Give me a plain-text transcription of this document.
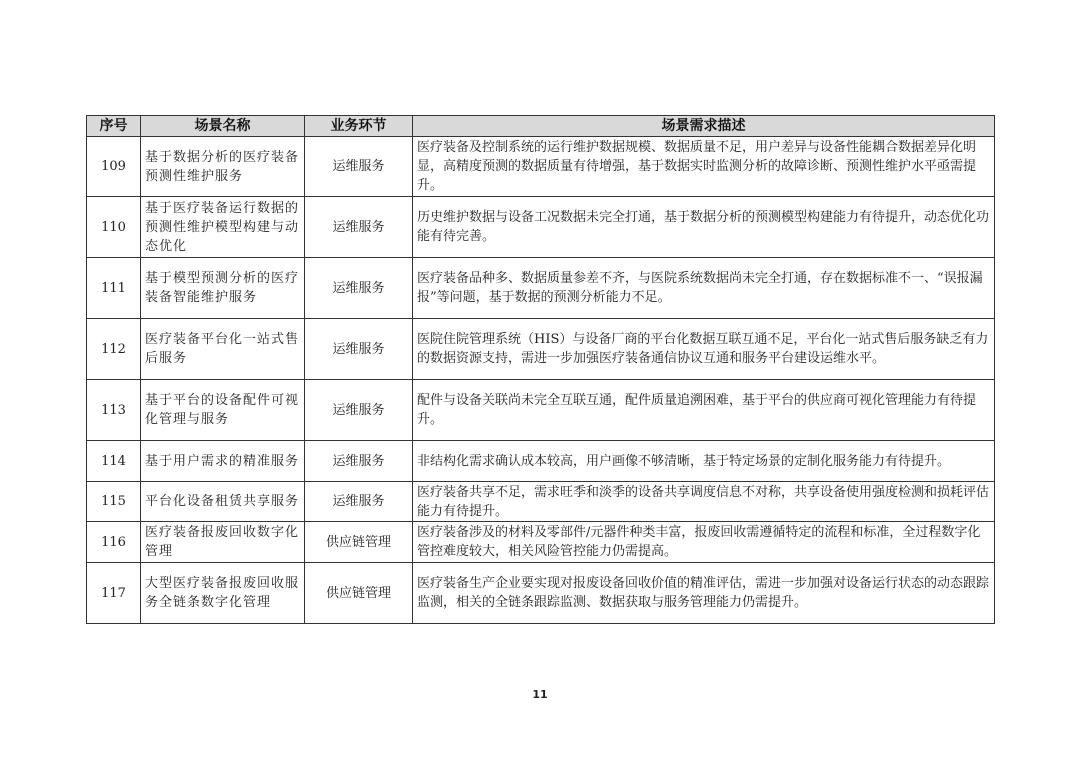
序号	场景名称	业务环节	场景需求描述
109	基于数据分析的医疗装备预测性维护服务	运维服务	医疗装备及控制系统的运行维护数据规模、数据质量不足，用户差异与设备性能耦合数据差异化明显，高精度预测的数据质量有待增强，基于数据实时监测分析的故障诊断、预测性维护水平亟需提升。
110	基于医疗装备运行数据的预测性维护模型构建与动态优化	运维服务	历史维护数据与设备工况数据未完全打通，基于数据分析的预测模型构建能力有待提升，动态优化功能有待完善。
111	基于模型预测分析的医疗装备智能维护服务	运维服务	医疗装备品种多、数据质量参差不齐，与医院系统数据尚未完全打通，存在数据标准不一、“误报漏报”等问题，基于数据的预测分析能力不足。
112	医疗装备平台化一站式售后服务	运维服务	医院住院管理系统（HIS）与设备厂商的平台化数据互联互通不足，平台化一站式售后服务缺乏有力的数据资源支持，需进一步加强医疗装备通信协议互通和服务平台建设运维水平。
113	基于平台的设备配件可视化管理与服务	运维服务	配件与设备关联尚未完全互联互通，配件质量追溯困难，基于平台的供应商可视化管理能力有待提升。
114	基于用户需求的精准服务	运维服务	非结构化需求确认成本较高，用户画像不够清晰，基于特定场景的定制化服务能力有待提升。
115	平台化设备租赁共享服务	运维服务	医疗装备共享不足，需求旺季和淡季的设备共享调度信息不对称，共享设备使用强度检测和损耗评估能力有待提升。
116	医疗装备报废回收数字化管理	供应链管理	医疗装备涉及的材料及零部件/元器件种类丰富，报废回收需遵循特定的流程和标准，全过程数字化管控难度较大，相关风险管控能力仍需提高。
117	大型医疗装备报废回收服务全链条数字化管理	供应链管理	医疗装备生产企业要实现对报废设备回收价值的精准评估，需进一步加强对设备运行状态的动态跟踪监测，相关的全链条跟踪监测、数据获取与服务管理能力仍需提升。
11
